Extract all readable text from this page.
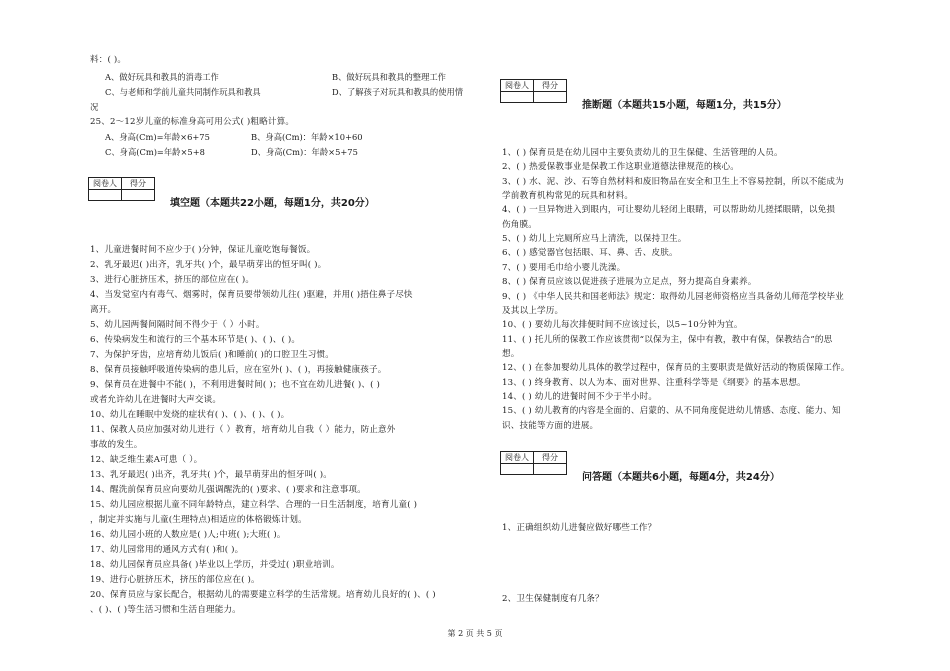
料：( )。
A、做好玩具和教具的消毒工作	B、做好玩具和教具的整理工作
C、与老师和学前儿童共同制作玩具和教具	D、了解孩子对玩具和教具的使用情
况
25、2～12岁儿童的标准身高可用公式( )粗略计算。
A、身高(Cm)=年龄×6+75	B、身高(Cm)：年龄×10+60
C、身高(Cm)=年龄×5+8	D、身高(Cm)：年龄×5+75
阅卷人	得分

填空题（本题共22小题，每题1分，共20分）
1、儿童进餐时间不应少于( )分钟，保证儿童吃饱每餐饭。
2、乳牙最迟( )出齐，乳牙共( )个，最早萌芽出的恒牙叫( )。
3、进行心脏挤压术，挤压的部位应在( )。
4、当发觉室内有毒气、烟雾时，保育员要带领幼儿往( )驱避，并用( )捂住鼻子尽快
离开。
5、幼儿园两餐间隔时间不得少于（ ）小时。
6、传染病发生和流行的三个基本环节是( )、( )、( )。
7、为保护牙齿，应培育幼儿饭后( )和睡前( )的口腔卫生习惯。
8、保育员接触呼吸道传染病的患儿后，应在室外( )、( )，再接触健康孩子。
9、保育员在进餐中不能( )，不利用进餐时间( )；也不宜在幼儿进餐( )、( )
或者允许幼儿在进餐时大声交谈。
10、幼儿在睡眠中发烧的症状有( )、( )、( )、( )。
11、保教人员应加强对幼儿进行（ ）教育，培育幼儿自我（ ）能力，防止意外
事故的发生。
12、缺乏维生素A可患（ ）。
13、乳牙最迟( )出齐，乳牙共( )个，最早萌芽出的恒牙叫( )。
14、醒洗前保育员应向要幼儿强调醒洗的( )要求、( )要求和注意事项。
15、幼儿园应根据儿童不同年龄特点，建立科学、合理的一日生活制度，培育儿童( )
，制定并实施与儿童(生理特点)相适应的体格锻炼计划。
16、幼儿园小班的人数应是( )人;中班( );大班( )。
17、幼儿园常用的通风方式有( )和( )。
18、幼儿园保育员应具备( )毕业以上学历，并受过( )职业培训。
19、进行心脏挤压术，挤压的部位应在( )。
20、保育员应与家长配合，根据幼儿的需要建立科学的生活常规。培育幼儿良好的( )、( )
、( )、( )等生活习惯和生活自理能力。
阅卷人	得分

推断题（本题共15小题，每题1分，共15分）
1、( ) 保育员是在幼儿园中主要负责幼儿的卫生保健、生活管理的人员。
2、( ) 热爱保教事业是保教工作这职业道德法律规范的核心。
3、( ) 水、泥、沙、石等自然材料和废旧物品在安全和卫生上不容易控制，所以不能成为
学前教育机构常见的玩具和材料。
4、( ) 一旦异物进入到眼内，可让婴幼儿轻闭上眼睛，可以帮助幼儿搓揉眼睛，以免损
伤角膜。
5、( ) 幼儿上完厕所应马上清洗，以保持卫生。
6、( ) 感觉器官包括眼、耳、鼻、舌、皮肤。
7、( ) 要用毛巾给小婴儿洗澡。
8、( ) 保育员应该以促进孩子进展为立足点，努力提高自身素养。
9、( ) 《中华人民共和国老师法》规定：取得幼儿园老师资格应当具备幼儿师范学校毕业
及其以上学历。
10、( ) 要幼儿每次排便时间不应该过长，以5~10分钟为宜。
11、( ) 托儿所的保教工作应该贯彻“以保为主，保中有教，教中有保，保教结合”的思
想。
12、( ) 在参加婴幼儿具体的教学过程中，保育员的主要职责是做好活动的物质保障工作。
13、( ) 终身教育、以人为本、面对世界、注重科学等是《纲要》的基本思想。
14、( ) 幼儿的进餐时间不少于半小时。
15、( ) 幼儿教育的内容是全面的、启蒙的、从不同角度促进幼儿情感、态度、能力、知
识、技能等方面的进展。
阅卷人	得分

问答题（本题共6小题，每题4分，共24分）
1、正确组织幼儿进餐应做好哪些工作？
2、卫生保健制度有几条？
第 2 页 共 5 页
